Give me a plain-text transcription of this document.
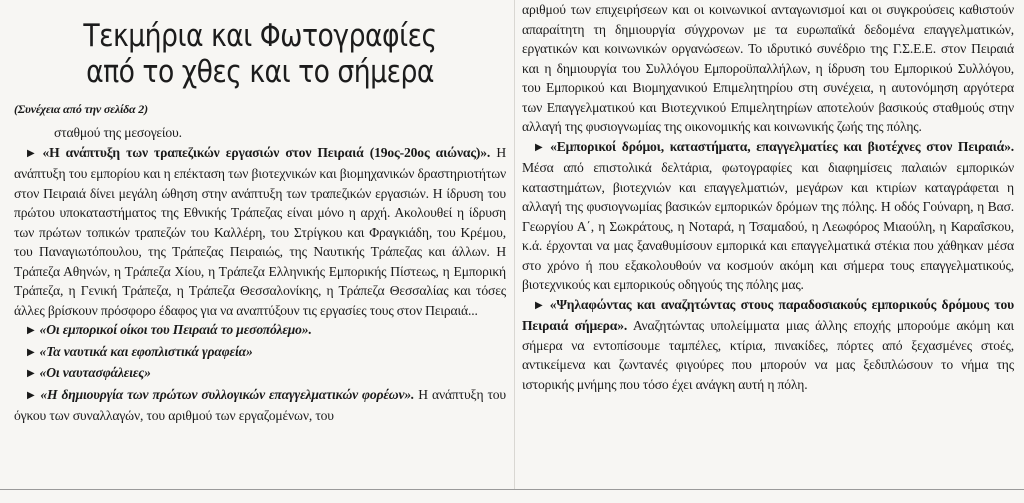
Τεκμήρια και Φωτογραφίες
από το χθες και το σήμερα

(Συνέχεια από την σελίδα 2)

σταθμού της μεσογείου.

▶ «Η ανάπτυξη των τραπεζικών εργασιών στον Πειραιά (19ος-20ος αιώνας)». Η ανάπτυξη του εμπορίου και η επέκταση των βιοτεχνικών και βιομηχανικών δραστηριοτήτων στον Πειραιά δίνει μεγάλη ώθηση στην ανάπτυξη των τραπεζικών εργασιών. Η ίδρυση του πρώτου υποκαταστήματος της Εθνικής Τράπεζας είναι μόνο η αρχή. Ακολουθεί η ίδρυση των πρώτων τοπικών τραπεζών του Καλλέρη, του Στρίγκου και Φραγκιάδη, του Κρέμου, του Παναγιωτόπουλου, της Τράπεζας Πειραιώς, της Ναυτικής Τράπεζας και άλλων. Η Τράπεζα Αθηνών, η Τράπεζα Χίου, η Τράπεζα Ελληνικής Εμπορικής Πίστεως, η Εμπορική Τράπεζα, η Γενική Τράπεζα, η Τράπεζα Θεσσαλονίκης, η Τράπεζα Θεσσαλίας και τόσες άλλες βρίσκουν πρόσφορο έδαφος για να αναπτύξουν τις εργασίες τους στον Πειραιά...

▶ «Οι εμπορικοί οίκοι του Πειραιά το μεσοπόλεμο».

▶ «Τα ναυτικά και εφοπλιστικά γραφεία»

▶ «Οι ναυτασφάλειες»

▶ «Η δημιουργία των πρώτων συλλογικών επαγγελματικών φορέων». Η ανάπτυξη του όγκου των συναλλαγών, του αριθμού των εργαζομένων, του

αριθμού των επιχειρήσεων και οι κοινωνικοί ανταγωνισμοί και οι συγκρούσεις καθιστούν απαραίτητη τη δημιουργία σύγχρονων με τα ευρωπαϊκά δεδομένα επαγγελματικών, εργατικών και κοινωνικών οργανώσεων. Το ιδρυτικό συνέδριο της Γ.Σ.Ε.Ε. στον Πειραιά και η δημιουργία του Συλλόγου Εμποροϋπαλλήλων, η ίδρυση του Εμπορικού Συλλόγου, του Εμπορικού και Βιομηχανικού Επιμελητηρίου στη συνέχεια, η αυτονόμηση αργότερα των Επαγγελματικού και Βιοτεχνικού Επιμελητηρίων αποτελούν βασικούς σταθμούς στην αλλαγή της φυσιογνωμίας της οικονομικής και κοινωνικής ζωής της πόλης.

▶ «Εμπορικοί δρόμοι, καταστήματα, επαγγελματίες και βιοτέχνες στον Πειραιά». Μέσα από επιστολικά δελτάρια, φωτογραφίες και διαφημίσεις παλαιών εμπορικών καταστημάτων, βιοτεχνιών και επαγγελματιών, μεγάρων και κτιρίων καταγράφεται η αλλαγή της φυσιογνωμίας βασικών εμπορικών δρόμων της πόλης. Η οδός Γούναρη, η Βασ. Γεωργίου Α΄, η Σωκράτους, η Νοταρά, η Τσαμαδού, η Λεωφόρος Μιαούλη, η Καραΐσκου, κ.ά. έρχονται να μας ξαναθυμίσουν εμπορικά και επαγγελματικά στέκια που χάθηκαν μέσα στο χρόνο ή που εξακολουθούν να κοσμούν ακόμη και σήμερα τους επαγγελματικούς, βιοτεχνικούς και εμπορικούς οδηγούς της πόλης μας.

▶ «Ψηλαφώντας και αναζητώντας στους παραδοσιακούς εμπορικούς δρόμους του Πειραιά σήμερα». Αναζητώντας υπολείμματα μιας άλλης εποχής μπορούμε ακόμη και σήμερα να εντοπίσουμε ταμπέλες, κτίρια, πινακίδες, πόρτες από ξεχασμένες στοές, αντικείμενα και ζωντανές φιγούρες που μπορούν να μας ξεδιπλώσουν το νήμα της ιστορικής μνήμης που τόσο έχει ανάγκη αυτή η πόλη.
